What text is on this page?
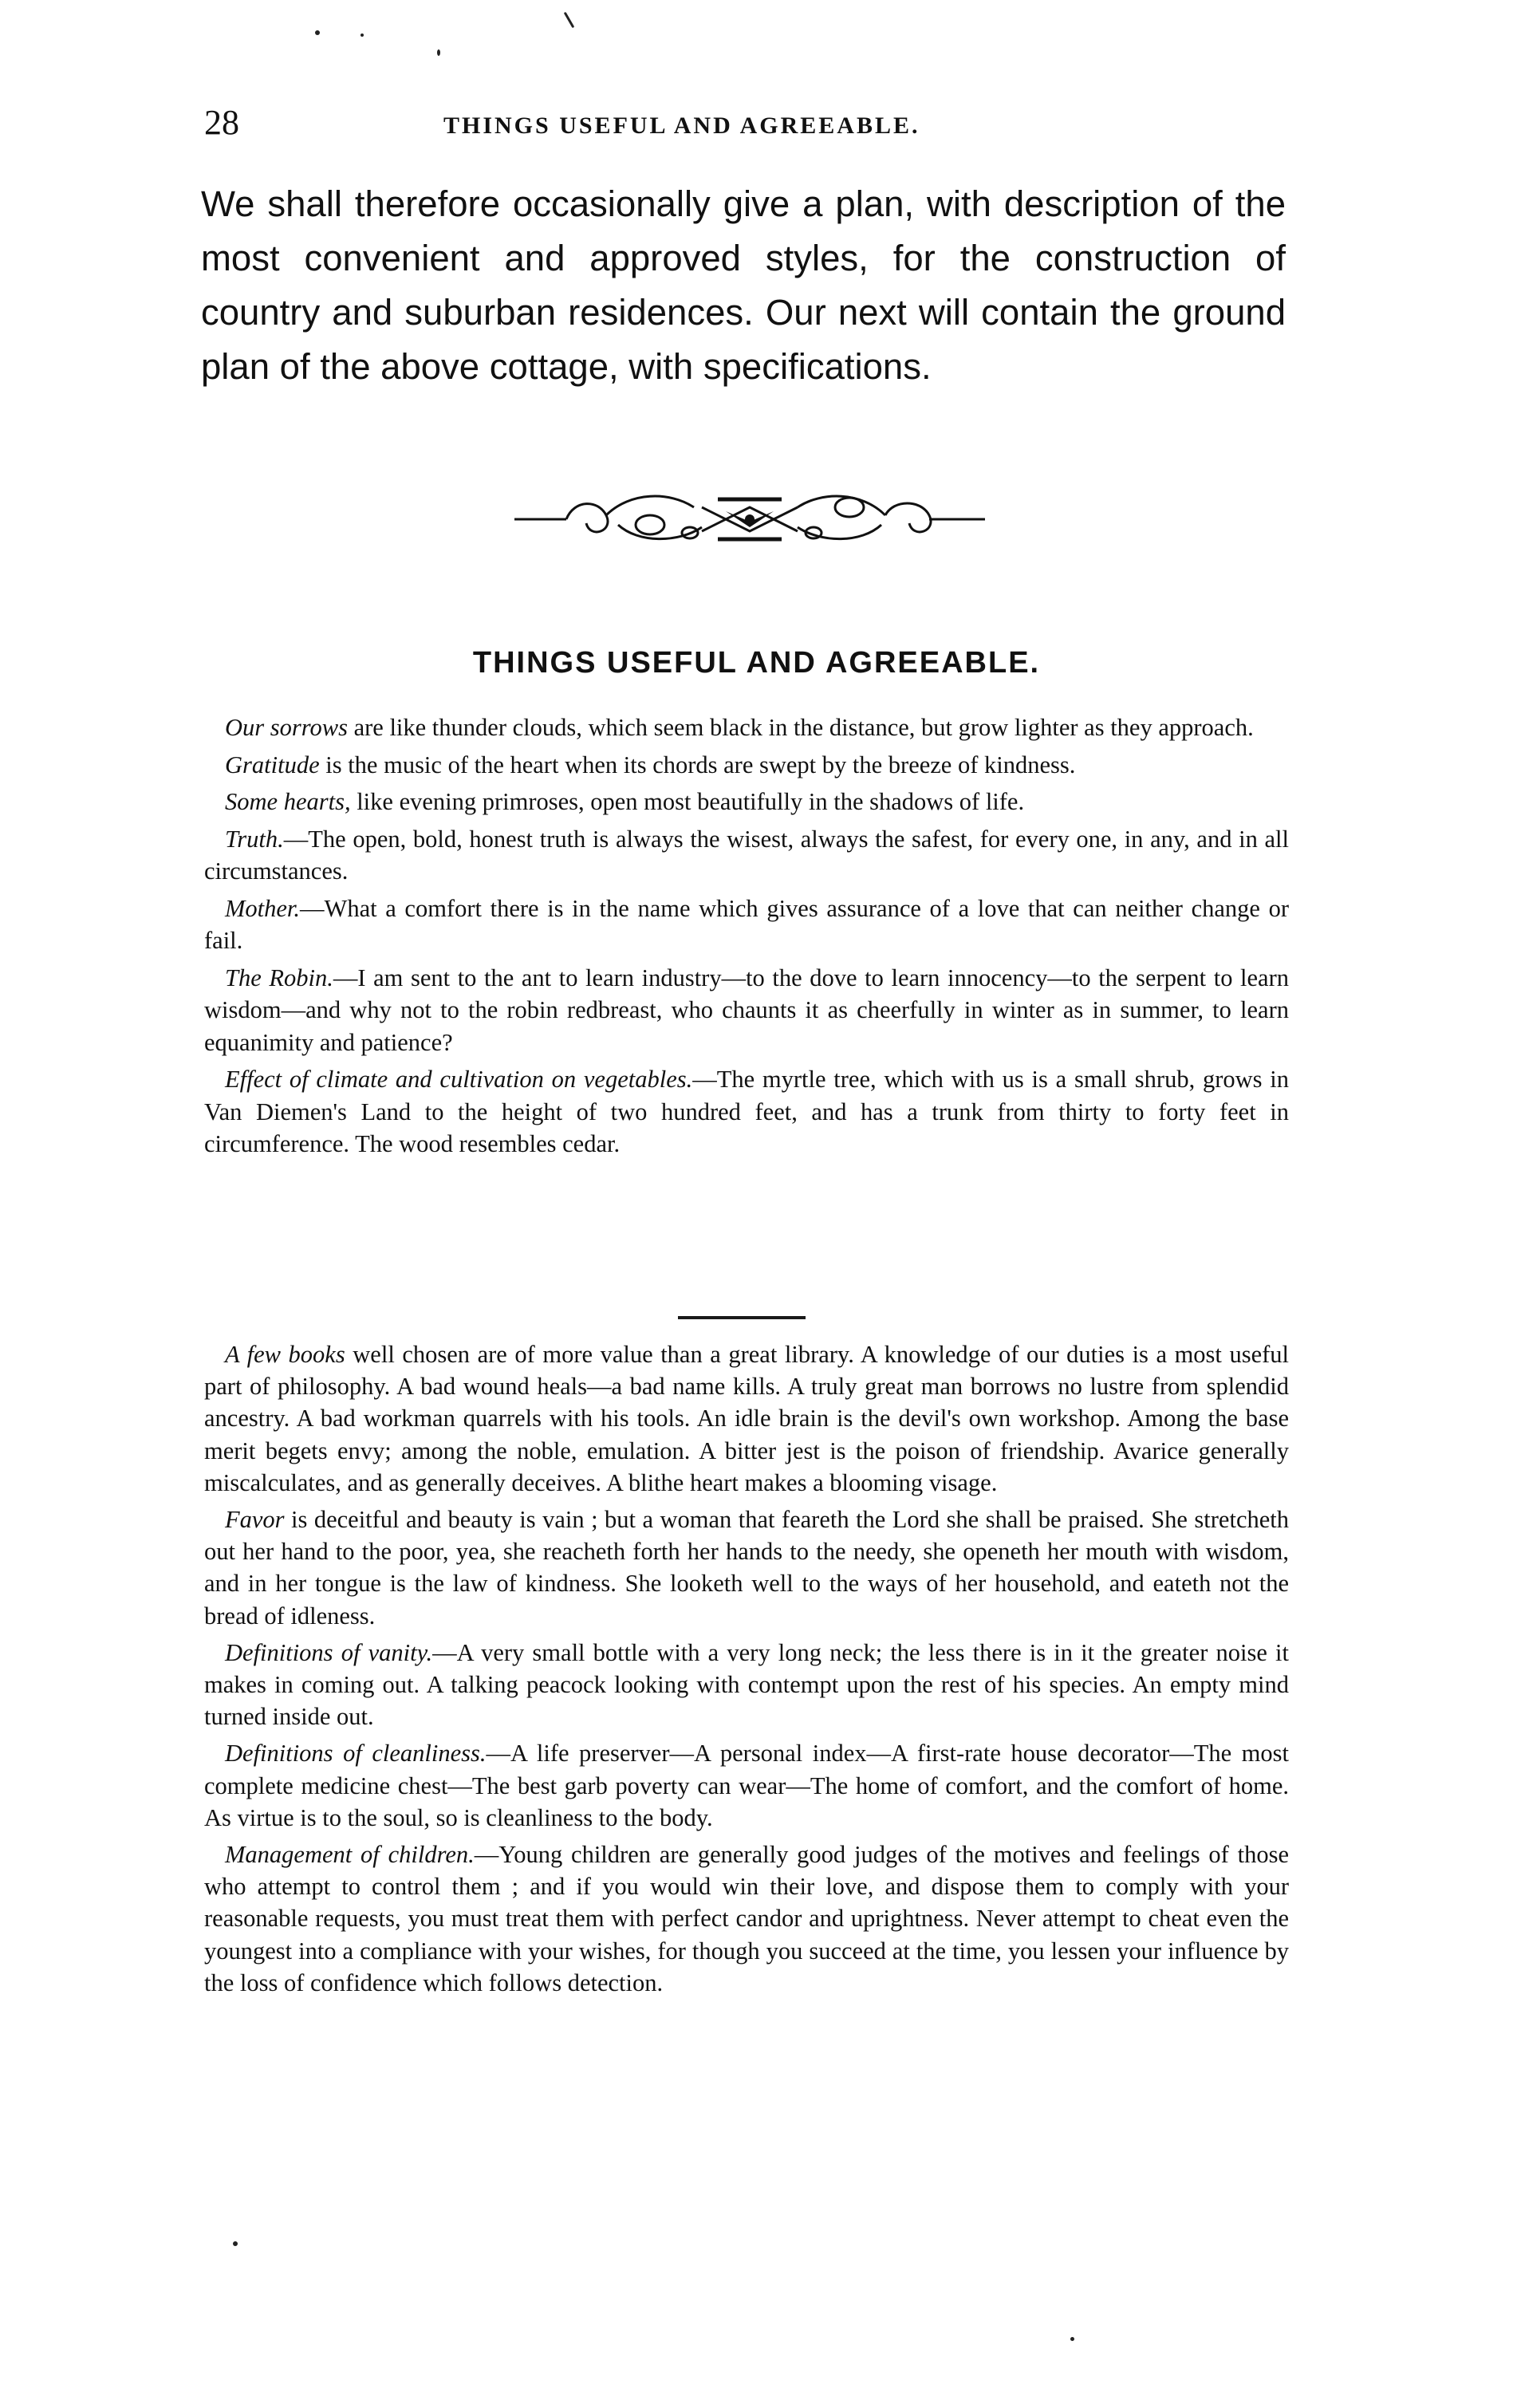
28	THINGS USEFUL AND AGREEABLE.

We shall therefore occasionally give a plan, with description of the most convenient and approved styles, for the construction of country and suburban residences. Our next will contain the ground plan of the above cottage, with specifications.

THINGS USEFUL AND AGREEABLE.

Our sorrows are like thunder clouds, which seem black in the distance, but grow lighter as they approach.

Gratitude is the music of the heart when its chords are swept by the breeze of kindness.

Some hearts, like evening primroses, open most beautifully in the shadows of life.

Truth.—The open, bold, honest truth is always the wisest, always the safest, for every one, in any, and in all circumstances.

Mother.—What a comfort there is in the name which gives assurance of a love that can neither change or fail.

The Robin.—I am sent to the ant to learn industry—to the dove to learn innocency—to the serpent to learn wisdom—and why not to the robin redbreast, who chaunts it as cheerfully in winter as in summer, to learn equanimity and patience?

Effect of climate and cultivation on vegetables.—The myrtle tree, which with us is a small shrub, grows in Van Diemen's Land to the height of two hundred feet, and has a trunk from thirty to forty feet in circumference. The wood resembles cedar.

A few books well chosen are of more value than a great library. A knowledge of our duties is a most useful part of philosophy. A bad wound heals—a bad name kills. A truly great man borrows no lustre from splendid ancestry. A bad workman quarrels with his tools. An idle brain is the devil's own workshop. Among the base merit begets envy; among the noble, emulation. A bitter jest is the poison of friendship. Avarice generally miscalculates, and as generally deceives. A blithe heart makes a blooming visage.

Favor is deceitful and beauty is vain ; but a woman that feareth the Lord she shall be praised. She stretcheth out her hand to the poor, yea, she reacheth forth her hands to the needy, she openeth her mouth with wisdom, and in her tongue is the law of kindness. She looketh well to the ways of her household, and eateth not the bread of idleness.

Definitions of vanity.—A very small bottle with a very long neck; the less there is in it the greater noise it makes in coming out. A talking peacock looking with contempt upon the rest of his species. An empty mind turned inside out.

Definitions of cleanliness.—A life preserver—A personal index—A first-rate house decorator—The most complete medicine chest—The best garb poverty can wear—The home of comfort, and the comfort of home. As virtue is to the soul, so is cleanliness to the body.

Management of children.—Young children are generally good judges of the motives and feelings of those who attempt to control them ; and if you would win their love, and dispose them to comply with your reasonable requests, you must treat them with perfect candor and uprightness. Never attempt to cheat even the youngest into a compliance with your wishes, for though you succeed at the time, you lessen your influence by the loss of confidence which follows detection.
